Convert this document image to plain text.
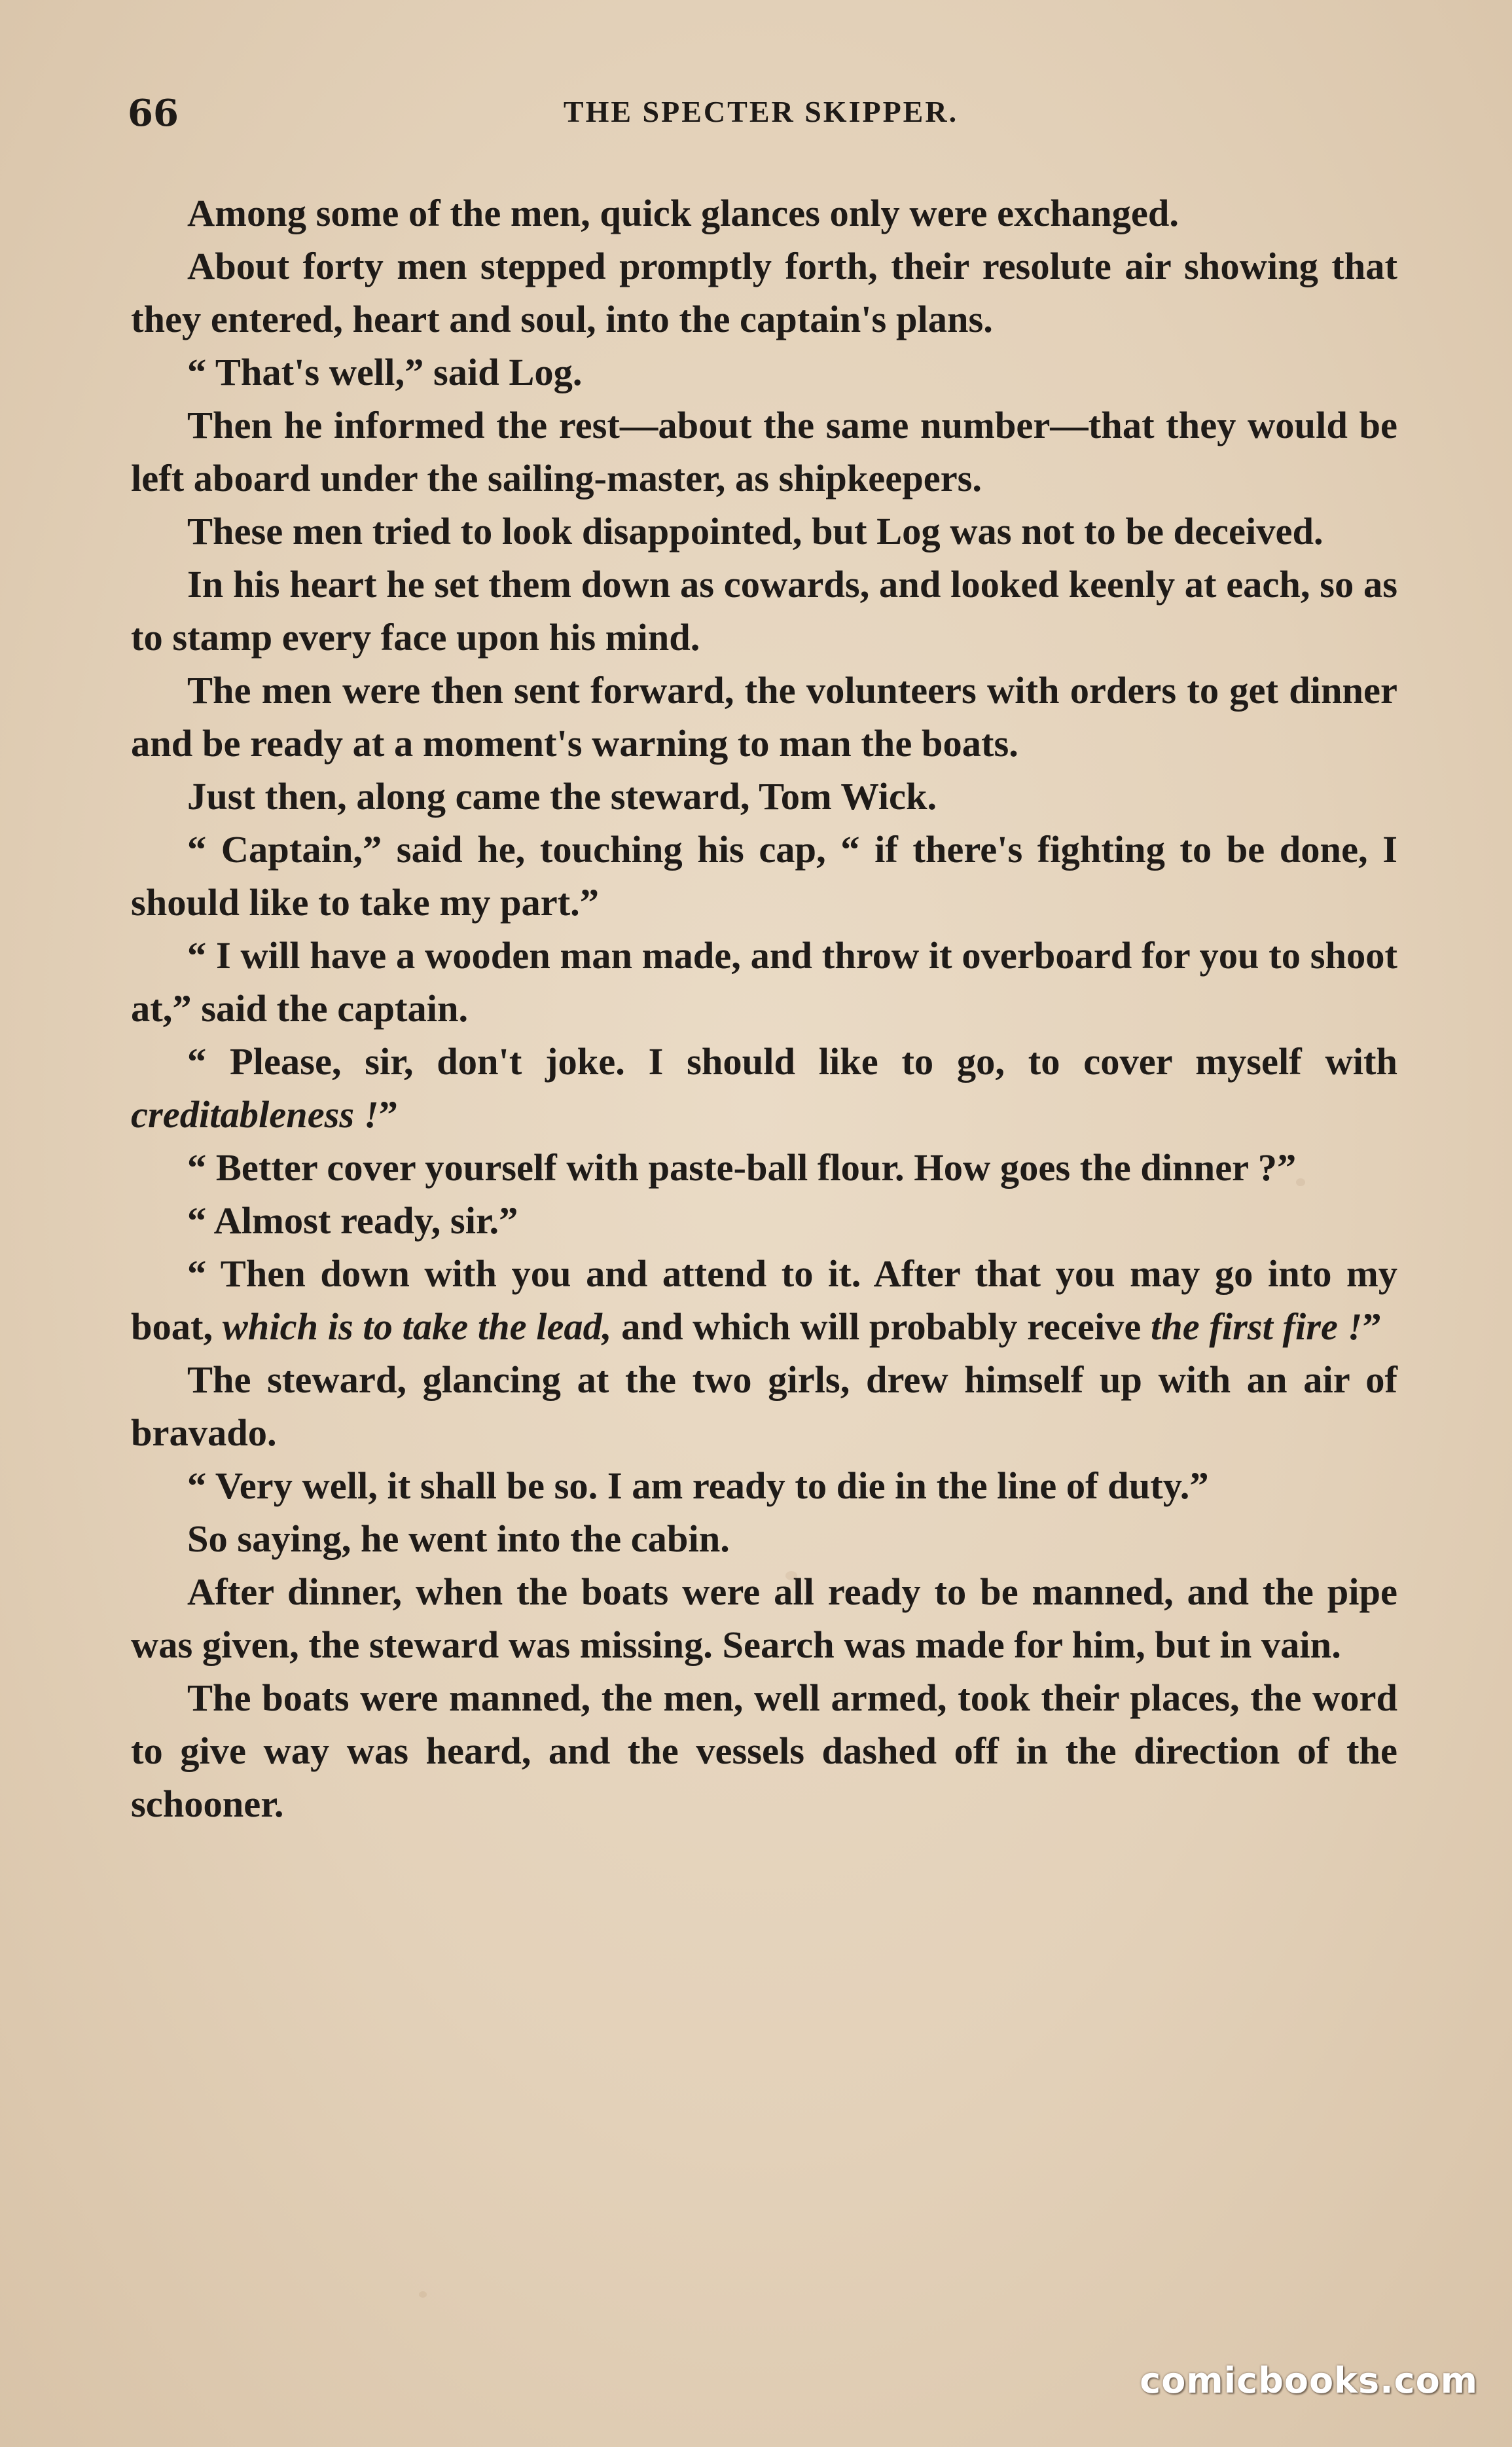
66	THE SPECTER SKIPPER.

Among some of the men, quick glances only were exchanged.

About forty men stepped promptly forth, their resolute air showing that they entered, heart and soul, into the captain's plans.

“ That's well,” said Log.

Then he informed the rest—about the same number—that they would be left aboard under the sailing-master, as shipkeepers.

These men tried to look disappointed, but Log was not to be deceived.

In his heart he set them down as cowards, and looked keenly at each, so as to stamp every face upon his mind.

The men were then sent forward, the volunteers with orders to get dinner and be ready at a moment's warning to man the boats.

Just then, along came the steward, Tom Wick.

“ Captain,” said he, touching his cap, “ if there's fighting to be done, I should like to take my part.”

“ I will have a wooden man made, and throw it overboard for you to shoot at,” said the captain.

“ Please, sir, don't joke. I should like to go, to cover myself with creditableness !”

“ Better cover yourself with paste-ball flour. How goes the dinner ?”

“ Almost ready, sir.”

“ Then down with you and attend to it. After that you may go into my boat, which is to take the lead, and which will probably receive the first fire !”

The steward, glancing at the two girls, drew himself up with an air of bravado.

“ Very well, it shall be so. I am ready to die in the line of duty.”

So saying, he went into the cabin.

After dinner, when the boats were all ready to be manned, and the pipe was given, the steward was missing. Search was made for him, but in vain.

The boats were manned, the men, well armed, took their places, the word to give way was heard, and the vessels dashed off in the direction of the schooner.

comicbooks.com
